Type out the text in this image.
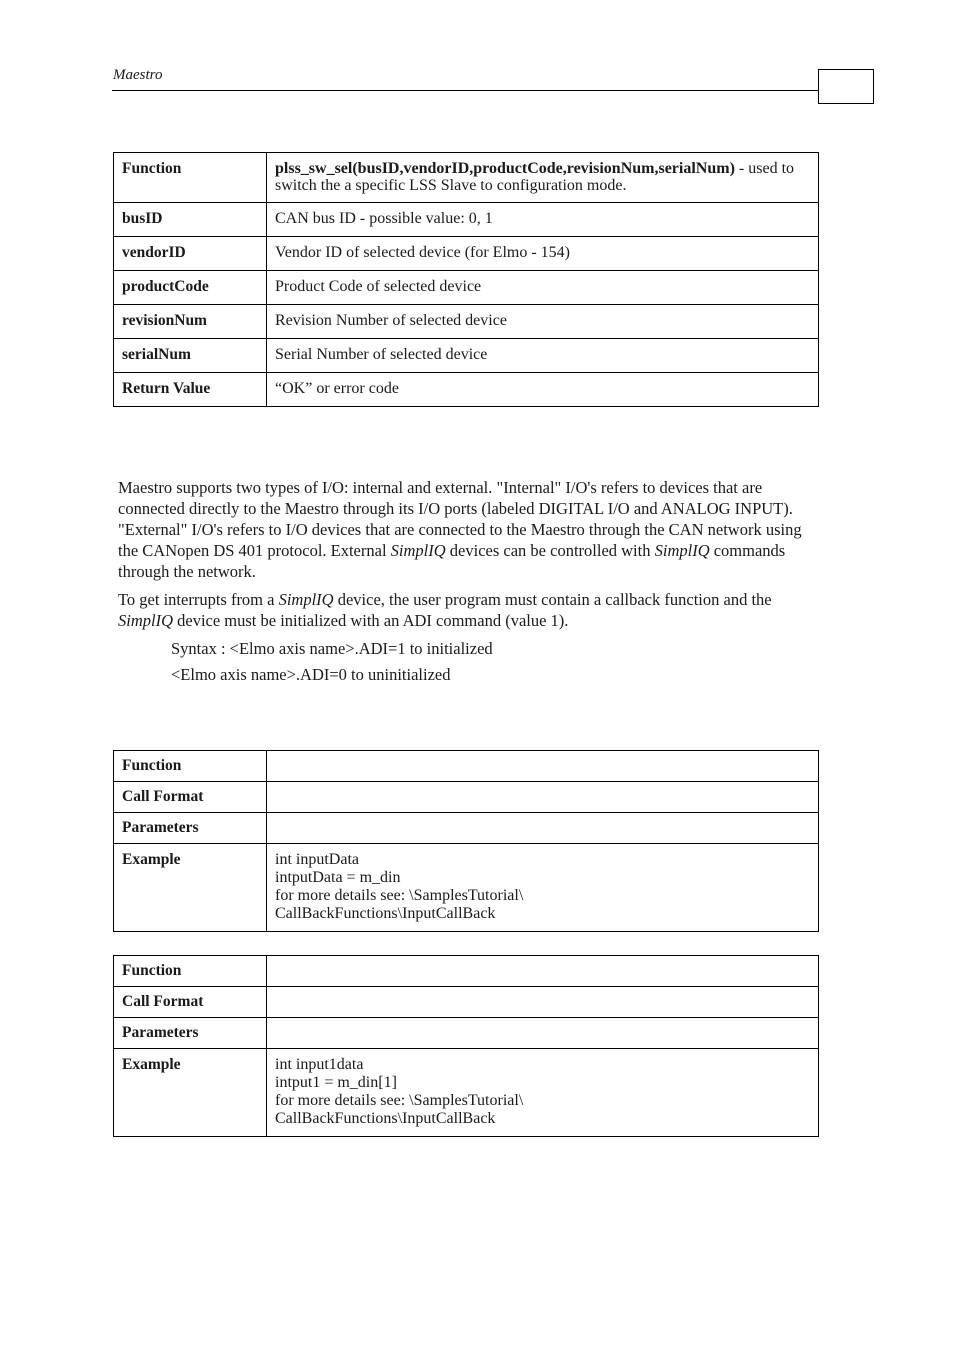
Maestro
Function	plss_sw_sel(busID,vendorID,productCode,revisionNum,serialNum) - used to switch the a specific LSS Slave to configuration mode.
busID	CAN bus ID - possible value: 0, 1
vendorID	Vendor ID of selected device (for Elmo - 154)
productCode	Product Code of selected device
revisionNum	Revision Number of selected device
serialNum	Serial Number of selected device
Return Value	“OK” or error code

Maestro supports two types of I/O: internal and external. "Internal" I/O's refers to devices that are connected directly to the Maestro through its I/O ports (labeled DIGITAL I/O and ANALOG INPUT). "External" I/O's refers to I/O devices that are connected to the Maestro through the CAN network using the CANopen DS 401 protocol. External SimplIQ devices can be controlled with SimplIQ commands through the network.

To get interrupts from a SimplIQ device, the user program must contain a callback function and the SimplIQ device must be initialized with an ADI command (value 1).

Syntax : <Elmo axis name>.ADI=1 to initialized
<Elmo axis name>.ADI=0 to uninitialized
Function	
Call Format	
Parameters	
Example	int inputData
intputData = m_din
for more details see: \SamplesTutorial\
CallBackFunctions\InputCallBack
Function	
Call Format	
Parameters	
Example	int input1data
intput1 = m_din[1]
for more details see: \SamplesTutorial\
CallBackFunctions\InputCallBack
